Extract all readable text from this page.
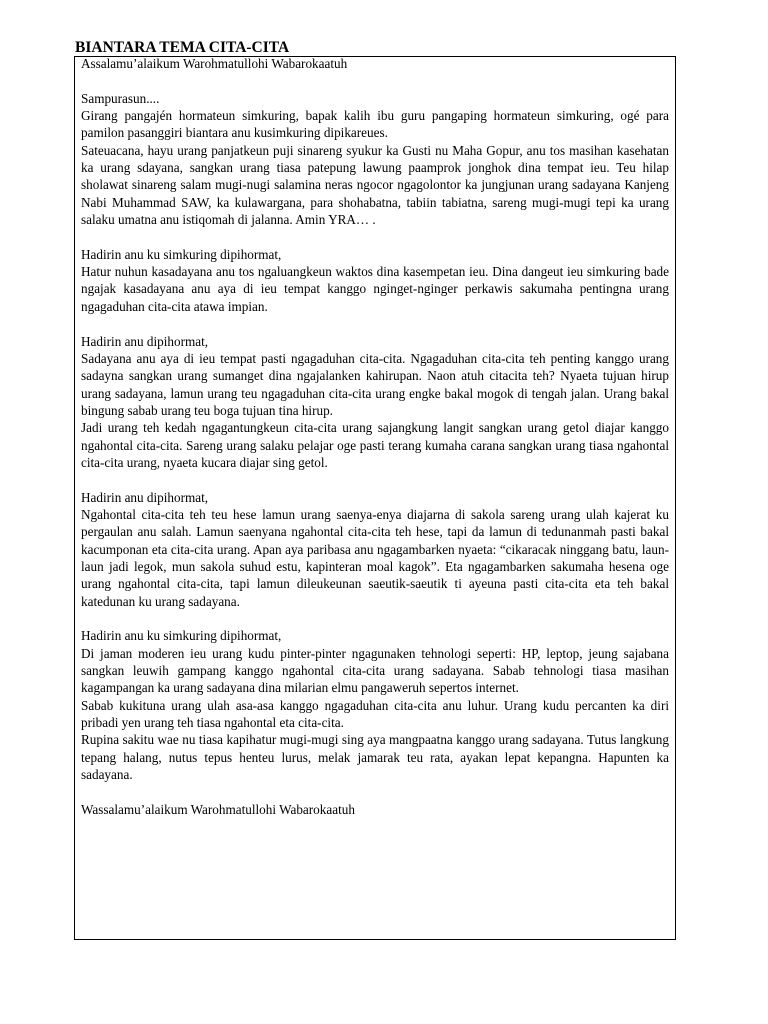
BIANTARA TEMA CITA-CITA

Assalamu’alaikum Warohmatullohi Wabarokaatuh

Sampurasun....

Girang pangajén hormateun simkuring, bapak kalih ibu guru pangaping hormateun simkuring, ogé para pamilon pasanggiri biantara anu kusimkuring dipikareues.

Sateuacana, hayu urang panjatkeun puji sinareng syukur ka Gusti nu Maha Gopur, anu tos masihan kasehatan ka urang sdayana, sangkan urang tiasa patepung lawung paamprok jonghok dina tempat ieu. Teu hilap sholawat sinareng salam mugi-nugi salamina neras ngocor ngagolontor ka jungjunan urang sadayana Kanjeng Nabi Muhammad SAW, ka kulawargana, para shohabatna, tabiin tabiatna, sareng mugi-mugi tepi ka urang salaku umatna anu istiqomah di jalanna. Amin YRA… .

Hadirin anu ku simkuring dipihormat,

Hatur nuhun kasadayana anu tos ngaluangkeun waktos dina kasempetan ieu. Dina dangeut ieu simkuring bade ngajak kasadayana anu aya di ieu tempat kanggo nginget-nginger perkawis sakumaha pentingna urang ngagaduhan cita-cita atawa impian.

Hadirin anu dipihormat,

Sadayana anu aya di ieu tempat pasti ngagaduhan cita-cita. Ngagaduhan cita-cita teh penting kanggo urang sadayna sangkan urang sumanget dina ngajalanken kahirupan. Naon atuh citacita teh? Nyaeta tujuan hirup urang sadayana, lamun urang teu ngagaduhan cita-cita urang engke bakal mogok di tengah jalan. Urang bakal bingung sabab urang teu boga tujuan tina hirup.

Jadi urang teh kedah ngagantungkeun cita-cita urang sajangkung langit sangkan urang getol diajar kanggo ngahontal cita-cita. Sareng urang salaku pelajar oge pasti terang kumaha carana sangkan urang tiasa ngahontal cita-cita urang, nyaeta kucara diajar sing getol.

Hadirin anu dipihormat,

Ngahontal cita-cita teh teu hese lamun urang saenya-enya diajarna di sakola sareng urang ulah kajerat ku pergaulan anu salah. Lamun saenyana ngahontal cita-cita teh hese, tapi da lamun di tedunanmah pasti bakal kacumponan eta cita-cita urang. Apan aya paribasa anu ngagambarken nyaeta: “cikaracak ninggang batu, laun-laun jadi legok, mun sakola suhud estu, kapinteran moal kagok”. Eta ngagambarken sakumaha hesena oge urang ngahontal cita-cita, tapi lamun dileukeunan saeutik-saeutik ti ayeuna pasti cita-cita eta teh bakal katedunan ku urang sadayana.

Hadirin anu ku simkuring dipihormat,

Di jaman moderen ieu urang kudu pinter-pinter ngagunaken tehnologi seperti: HP, leptop, jeung sajabana sangkan leuwih gampang kanggo ngahontal cita-cita urang sadayana. Sabab tehnologi tiasa masihan kagampangan ka urang sadayana dina milarian elmu pangaweruh sepertos internet.

Sabab kukituna urang ulah asa-asa kanggo ngagaduhan cita-cita anu luhur. Urang kudu percanten ka diri pribadi yen urang teh tiasa ngahontal eta cita-cita.

Rupina sakitu wae nu tiasa kapihatur mugi-mugi sing aya mangpaatna kanggo urang sadayana. Tutus langkung tepang halang, nutus tepus henteu lurus, melak jamarak teu rata, ayakan lepat kepangna. Hapunten ka sadayana.

Wassalamu’alaikum Warohmatullohi Wabarokaatuh
